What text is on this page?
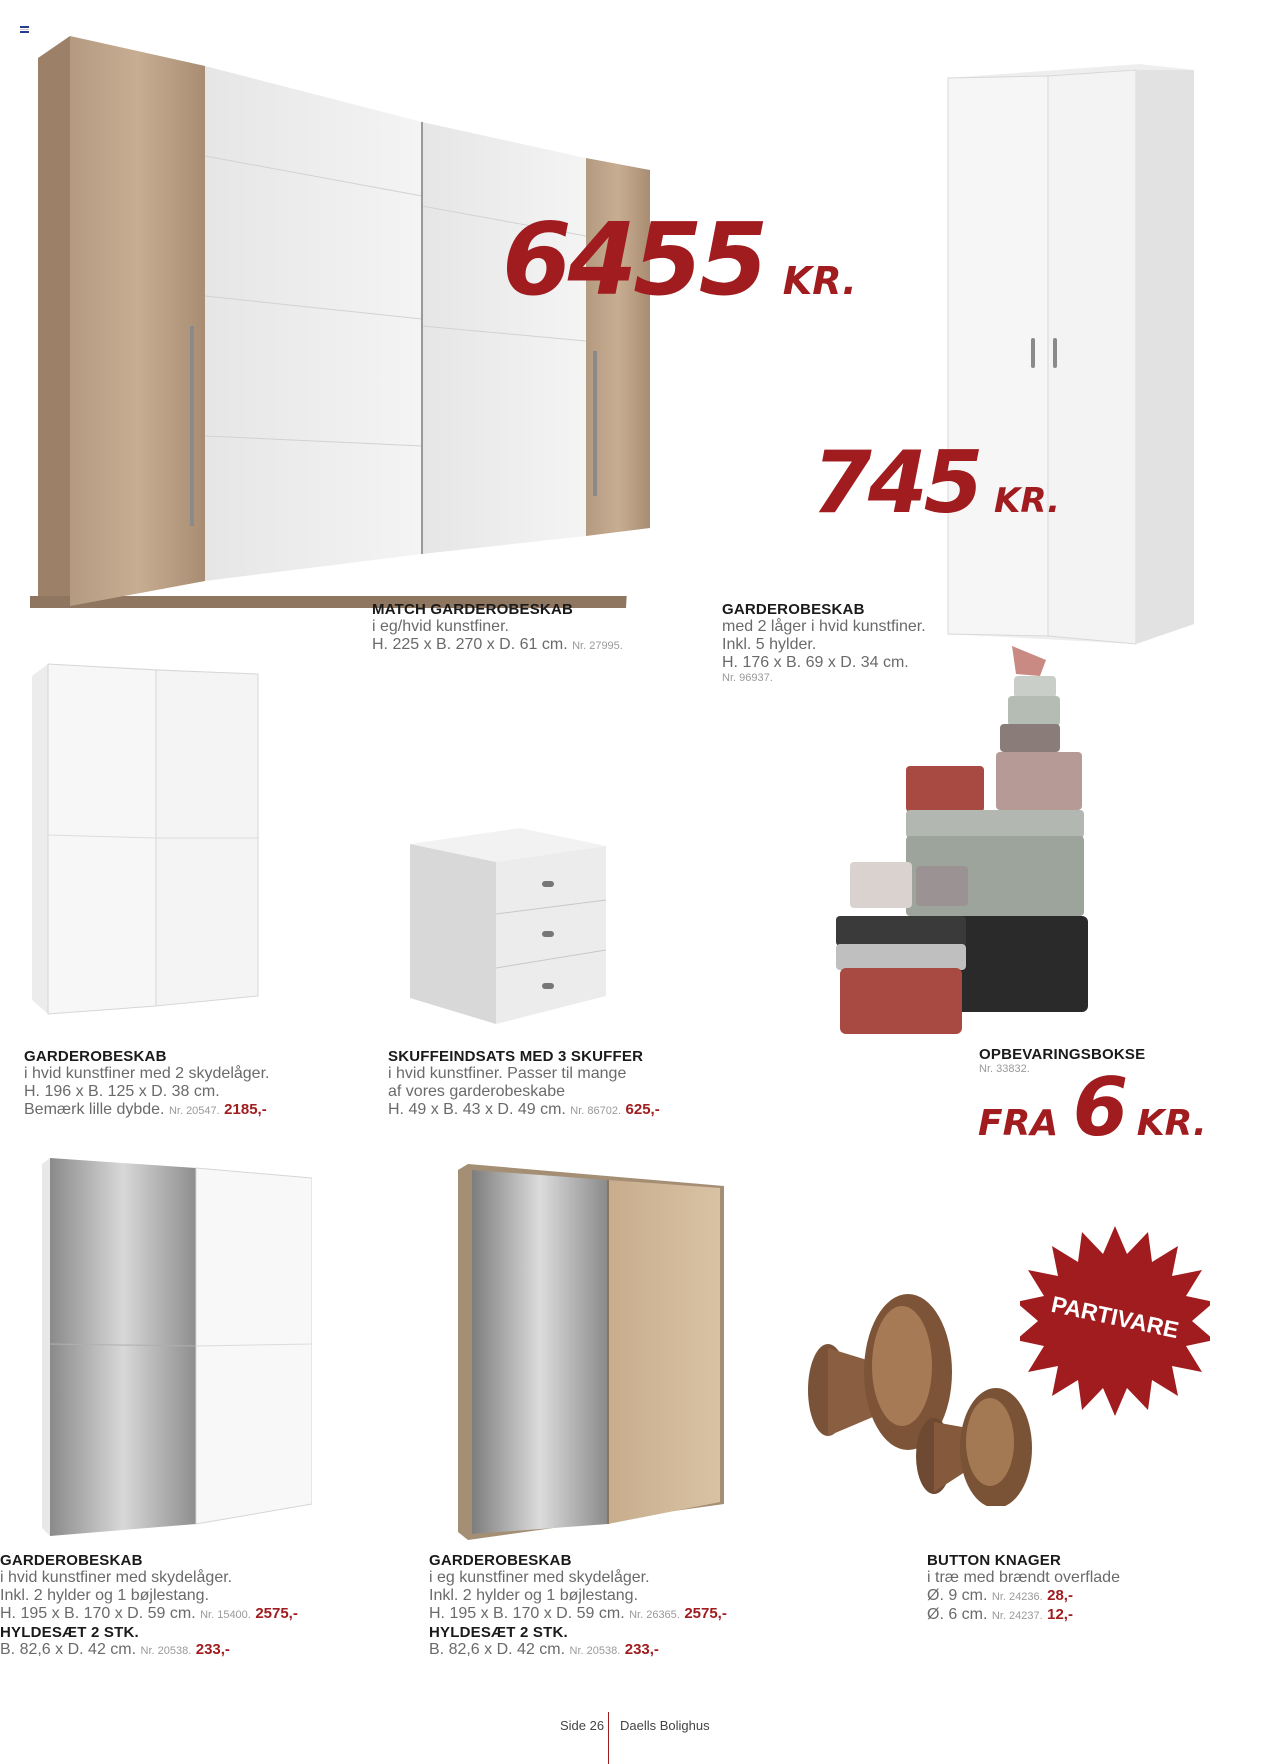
6455 KR.
745 KR.
MATCH GARDEROBESKAB
i eg/hvid kunstfiner.
H. 225 x B. 270 x D. 61 cm. Nr. 27995.
GARDEROBESKAB
med 2 låger i hvid kunstfiner.
Inkl. 5 hylder.
H. 176 x B. 69 x D. 34 cm.
Nr. 96937.
GARDEROBESKAB
i hvid kunstfiner med 2 skydelåger.
H. 196 x B. 125 x D. 38 cm.
Bemærk lille dybde. Nr. 20547. 2185,-
SKUFFEINDSATS MED 3 SKUFFER
i hvid kunstfiner. Passer til mange
af vores garderobeskabe
H. 49 x B. 43 x D. 49 cm. Nr. 86702. 625,-
OPBEVARINGSBOKSE
Nr. 33832.
FRA 6 KR.
PARTIVARE
GARDEROBESKAB
i hvid kunstfiner med skydelåger.
Inkl. 2 hylder og 1 bøjlestang.
H. 195 x B. 170 x D. 59 cm. Nr. 15400. 2575,-
HYLDESÆT 2 STK.
B. 82,6 x D. 42 cm. Nr. 20538. 233,-
GARDEROBESKAB
i eg kunstfiner med skydelåger.
Inkl. 2 hylder og 1 bøjlestang.
H. 195 x B. 170 x D. 59 cm. Nr. 26365. 2575,-
HYLDESÆT 2 STK.
B. 82,6 x D. 42 cm. Nr. 20538. 233,-
BUTTON KNAGER
i træ med brændt overflade
Ø. 9 cm. Nr. 24236. 28,-
Ø. 6 cm. Nr. 24237. 12,-
Side 26 Daells Bolighus
